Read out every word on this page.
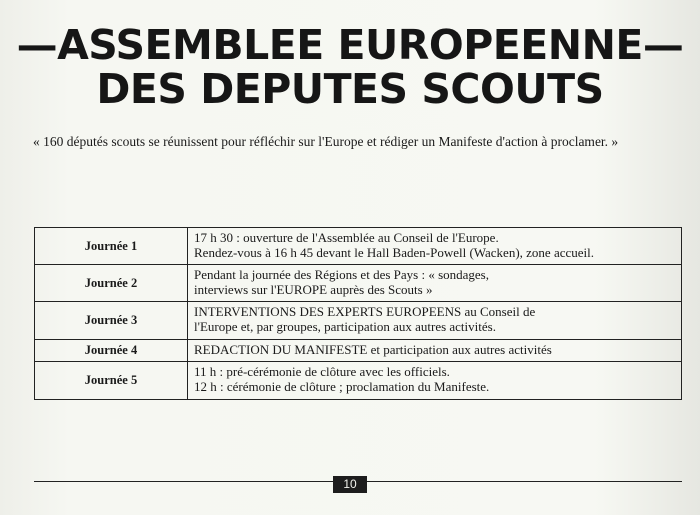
—ASSEMBLEE EUROPEENNE—
DES DEPUTES SCOUTS

« 160 députés scouts se réunissent pour réfléchir sur l'Europe et rédiger un Manifeste d'action à proclamer. »

Journée 1	17 h 30 : ouverture de l'Assemblée au Conseil de l'Europe.
Rendez-vous à 16 h 45 devant le Hall Baden-Powell (Wacken), zone accueil.

Journée 2	Pendant la journée des Régions et des Pays : « sondages,
interviews sur l'EUROPE auprès des Scouts »

Journée 3	INTERVENTIONS DES EXPERTS EUROPEENS au Conseil de
l'Europe et, par groupes, participation aux autres activités.

Journée 4	REDACTION DU MANIFESTE et participation aux autres activités

Journée 5	11 h : pré-cérémonie de clôture avec les officiels.
12 h : cérémonie de clôture ; proclamation du Manifeste.
10
